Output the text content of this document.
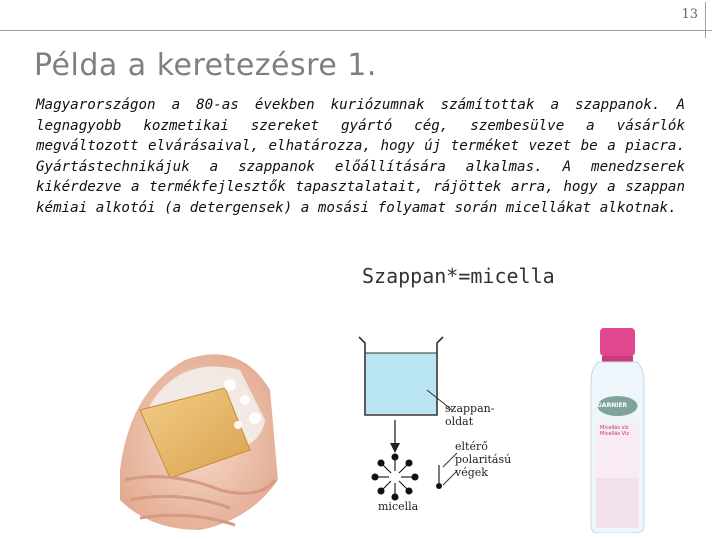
13
Példa a keretezésre 1.
Magyarországon a 80-as években kuriózumnak számítottak a szappanok. A legnagyobb kozmetikai szereket gyártó cég, szembesülve a vásárlók megváltozott elvárásaival, elhatározza, hogy új terméket vezet be a piacra. Gyártástechnikájuk a szappanok előállítására alkalmas. A menedzserek kikérdezve a termékfejlesztők tapasztalatait, rájöttek arra, hogy a szappan kémiai alkotói (a detergensek) a mosási folyamat során micellákat alkotnak.
Szappan*=micella
szappan-
oldat
eltérő
polaritású
végek
micella
GARNIER
Micellás víz
Micellás Víz
